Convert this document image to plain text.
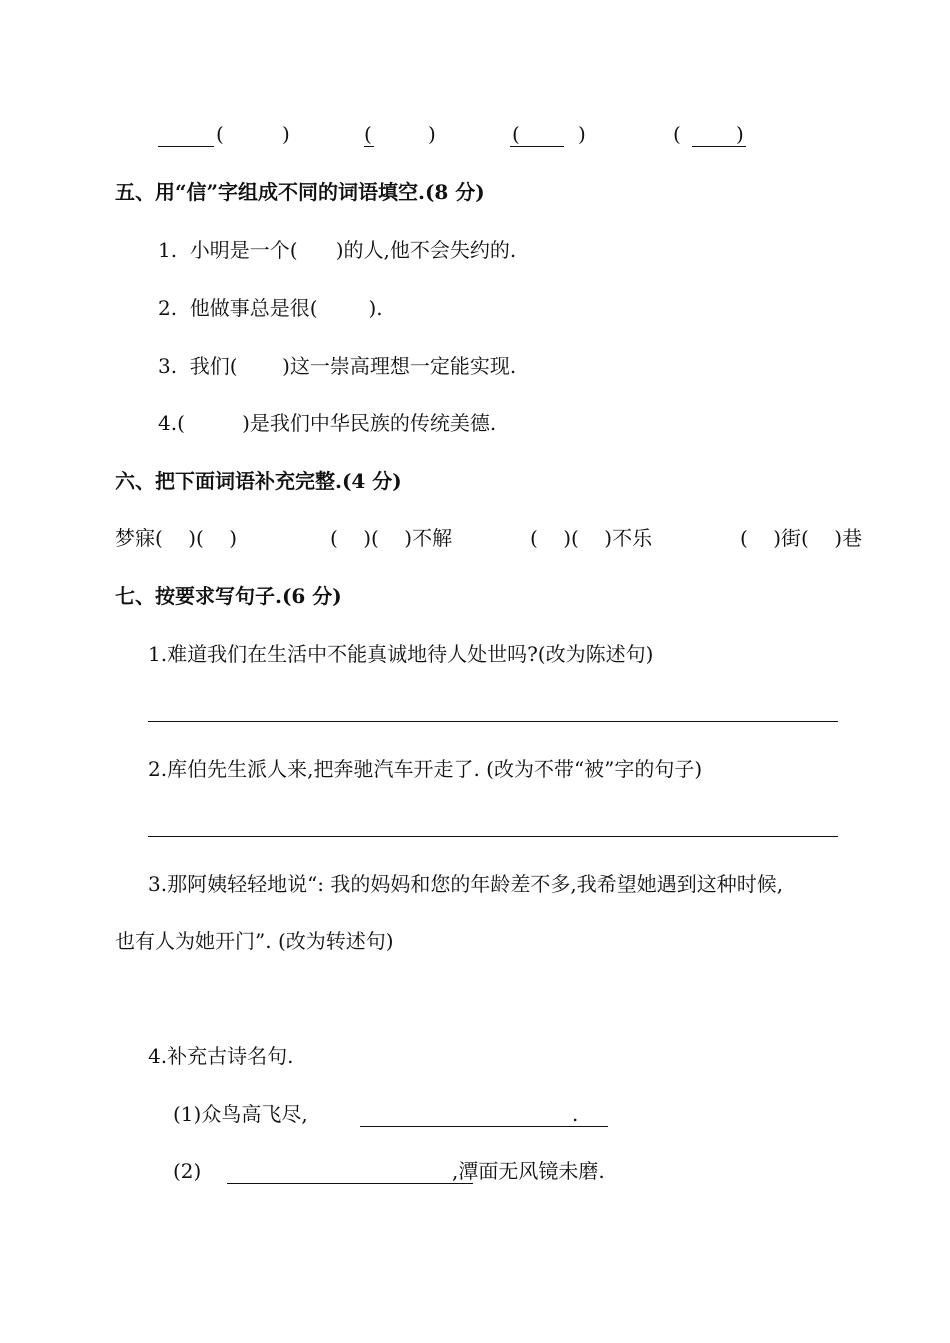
(	)	(	)	(	)	(	)
五、用“信”字组成不同的词语填空.(8 分)
1.  小明是一个(      )的人,他不会失约的.
2.  他做事总是很(        ).
3.  我们(       )这一崇高理想一定能实现.
4.(         )是我们中华民族的传统美德.
六、把下面词语补充完整.(4 分)
梦寐(    )(    )	(    )(    )不解	(    )(    )不乐	(    )街(    )巷
七、按要求写句子.(6 分)
1.难道我们在生活中不能真诚地待人处世吗?(改为陈述句)
2.库伯先生派人来,把奔驰汽车开走了. (改为不带“被”字的句子)
3.那阿姨轻轻地说“: 我的妈妈和您的年龄差不多,我希望她遇到这种时候,
也有人为她开门”. (改为转述句)
4.补充古诗名句.
(1)众鸟高飞尽,	.
(2)	,潭面无风镜未磨.
